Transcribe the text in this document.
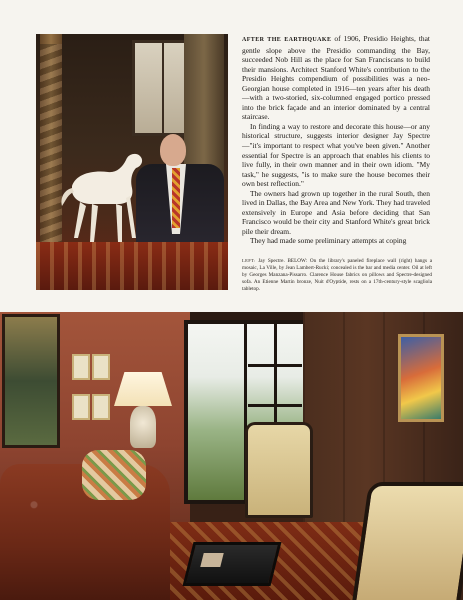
AFTER THE EARTHQUAKE of 1906, Presidio Heights, that gentle slope above the Presidio commanding the Bay, succeeded Nob Hill as the place for San Franciscans to build their mansions. Architect Stanford White's contribution to the Presidio Heights compendium of possibilities was a neo-Georgian house completed in 1916—ten years after his death—with a two-storied, six-columned engaged portico pressed into the brick façade and an interior dominated by a central staircase.

In finding a way to restore and decorate this house—or any historical structure, suggests interior designer Jay Spectre—"it's important to respect what you've been given." Another essential for Spectre is an approach that enables his clients to live fully, in their own manner and in their own idiom. "My task," he suggests, "is to make sure the house becomes their own best reflection."

The owners had grown up together in the rural South, then lived in Dallas, the Bay Area and New York. They had traveled extensively in Europe and Asia before deciding that San Francisco would be their city and Stanford White's great brick pile their dream.

They had made some preliminary attempts at coping

LEFT: Jay Spectre. BELOW: On the library's paneled fireplace wall (right) hangs a mosaic, La Ville, by Jean Lambert-Rucki; concealed is the bar and media center. Oil at left by Georges Manzana-Pissarro. Clarence House fabrics on pillows and Spectre-designed sofa. An Etienne Martin bronze, Nuit d'Oyptide, rests on a 17th-century-style scagliola tabletop.
